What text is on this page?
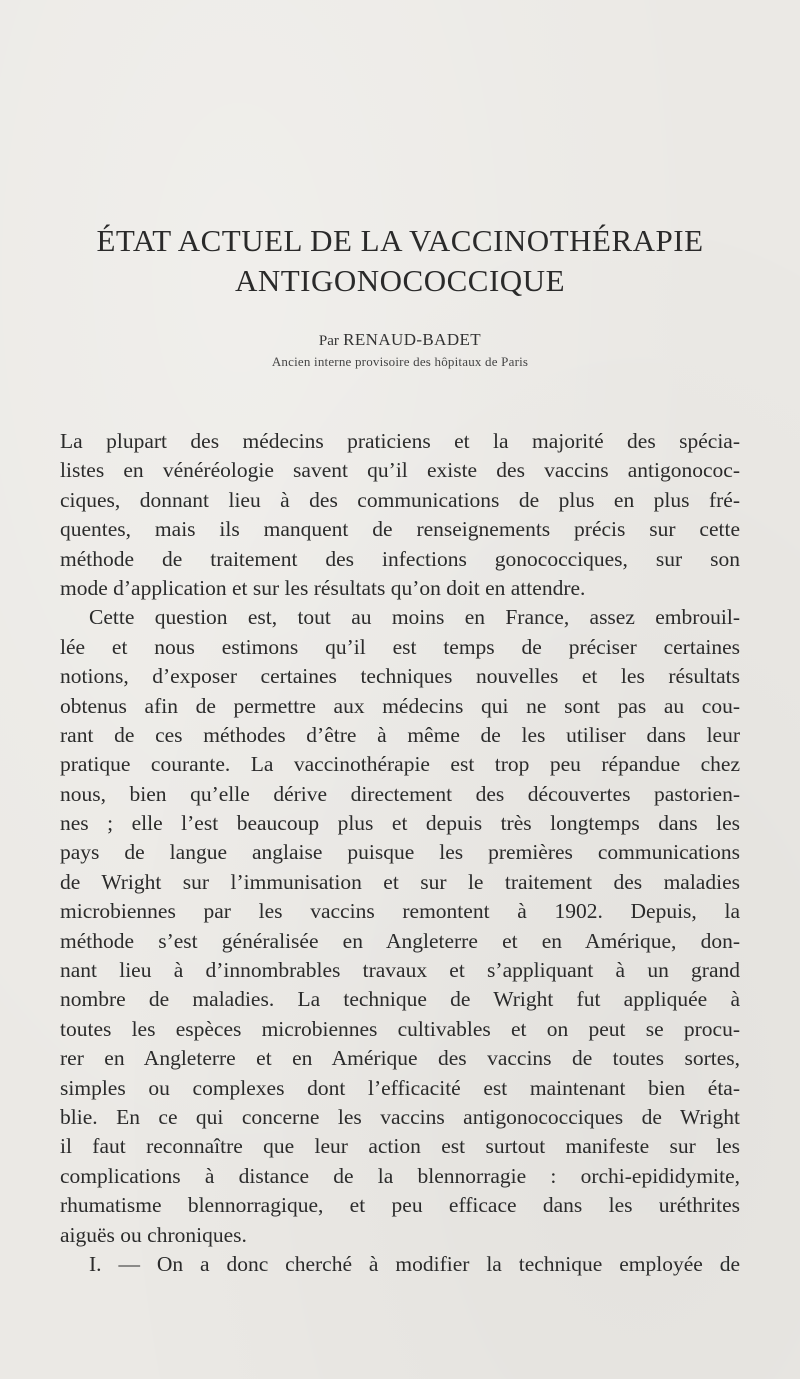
ÉTAT ACTUEL DE LA VACCINOTHÉRAPIE
ANTIGONOCOCCIQUE
Par RENAUD-BADET
Ancien interne provisoire des hôpitaux de Paris
La plupart des médecins praticiens et la majorité des spécia-
listes en vénéréologie savent qu’il existe des vaccins antigonococ-
ciques, donnant lieu à des communications de plus en plus fré-
quentes, mais ils manquent de renseignements précis sur cette
méthode de traitement des infections gonococciques, sur son
mode d’application et sur les résultats qu’on doit en attendre.
Cette question est, tout au moins en France, assez embrouil-
lée et nous estimons qu’il est temps de préciser certaines
notions, d’exposer certaines techniques nouvelles et les résultats
obtenus afin de permettre aux médecins qui ne sont pas au cou-
rant de ces méthodes d’être à même de les utiliser dans leur
pratique courante. La vaccinothérapie est trop peu répandue chez
nous, bien qu’elle dérive directement des découvertes pastorien-
nes ; elle l’est beaucoup plus et depuis très longtemps dans les
pays de langue anglaise puisque les premières communications
de Wright sur l’immunisation et sur le traitement des maladies
microbiennes par les vaccins remontent à 1902. Depuis, la
méthode s’est généralisée en Angleterre et en Amérique, don-
nant lieu à d’innombrables travaux et s’appliquant à un grand
nombre de maladies. La technique de Wright fut appliquée à
toutes les espèces microbiennes cultivables et on peut se procu-
rer en Angleterre et en Amérique des vaccins de toutes sortes,
simples ou complexes dont l’efficacité est maintenant bien éta-
blie. En ce qui concerne les vaccins antigonococciques de Wright
il faut reconnaître que leur action est surtout manifeste sur les
complications à distance de la blennorragie : orchi-epididymite,
rhumatisme blennorragique, et peu efficace dans les uréthrites
aiguës ou chroniques.
I. — On a donc cherché à modifier la technique employée de
